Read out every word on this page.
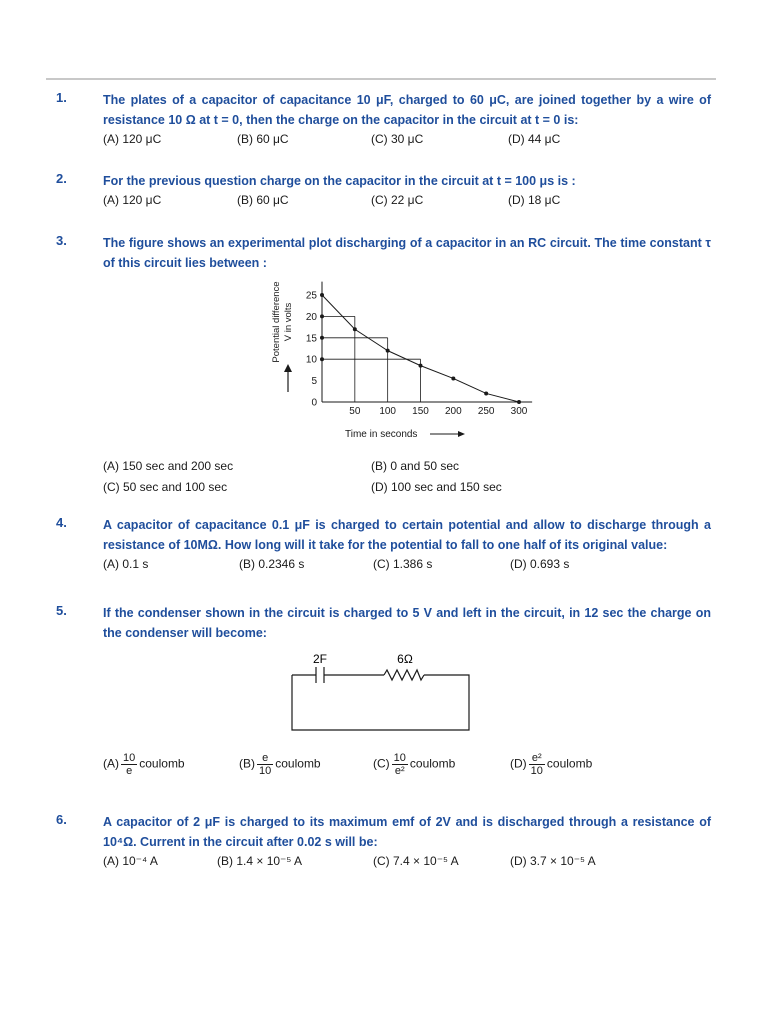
1.	The plates of a capacitor of capacitance 10 μF, charged to 60 μC, are joined together by a wire of resistance 10 Ω at t = 0, then the charge on the capacitor in the circuit at t = 0 is:
(A) 120 μC	(B) 60 μC	(C) 30 μC	(D) 44 μC
2.	For the previous question charge on the capacitor in the circuit at t = 100 μs is :
(A) 120 μC	(B) 60 μC	(C) 22 μC	(D) 18 μC
3.	The figure shows an experimental plot discharging of a capacitor in an RC circuit. The time constant τ of this circuit lies between :
0
5
10
15
20
25
50 100 150 200 250 300
Potential difference V in volts
Time in seconds
(A) 150 sec and 200 sec	(B) 0 and 50 sec
(C) 50 sec and 100 sec	(D) 100 sec and 150 sec
4.	A capacitor of capacitance 0.1 μF is charged to certain potential and allow to discharge through a resistance of 10MΩ. How long will it take for the potential to fall to one half of its original value:
(A) 0.1 s	(B) 0.2346 s	(C) 1.386 s	(D) 0.693 s
5.	If the condenser shown in the circuit is charged to 5 V and left in the circuit, in 12 sec the charge on the condenser will become:
2F	6Ω
$(A) \frac{10}{e}$ coulomb	$(B) \frac{e}{10}$ coulomb	$(C) \frac{10}{\text{e²}}$ coulomb	$(D) \frac{\text{e²}}{10}$ coulomb
6.	A capacitor of 2 μF is charged to its maximum emf of 2V and is discharged through a resistance of 10⁴Ω. Current in the circuit after 0.02 s will be:
(A) 10⁻⁴ A	(B) 1.4 × 10⁻⁵ A	(C) 7.4 × 10⁻⁵ A	(D) 3.7 × 10⁻⁵ A
